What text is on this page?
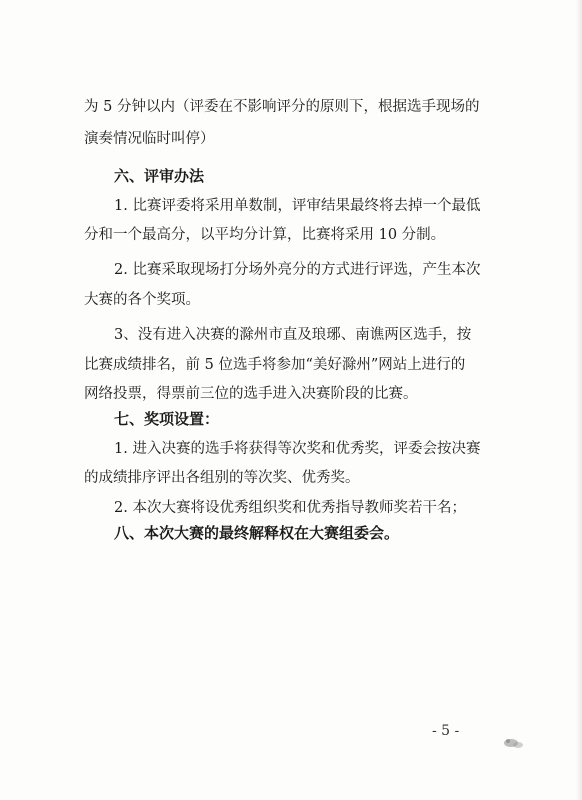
为 5 分钟以内（评委在不影响评分的原则下，根据选手现场的
演奏情况临时叫停）
六、评审办法
1. 比赛评委将采用单数制，评审结果最终将去掉一个最低
分和一个最高分，以平均分计算，比赛将采用 10 分制。
2. 比赛采取现场打分场外亮分的方式进行评选，产生本次
大赛的各个奖项。
3、没有进入决赛的滁州市直及琅琊、南谯两区选手，按
比赛成绩排名，前 5 位选手将参加“美好滁州”网站上进行的
网络投票，得票前三位的选手进入决赛阶段的比赛。
七、奖项设置：
1. 进入决赛的选手将获得等次奖和优秀奖，评委会按决赛
的成绩排序评出各组别的等次奖、优秀奖。
2. 本次大赛将设优秀组织奖和优秀指导教师奖若干名；
八、本次大赛的最终解释权在大赛组委会。
- 5 -
